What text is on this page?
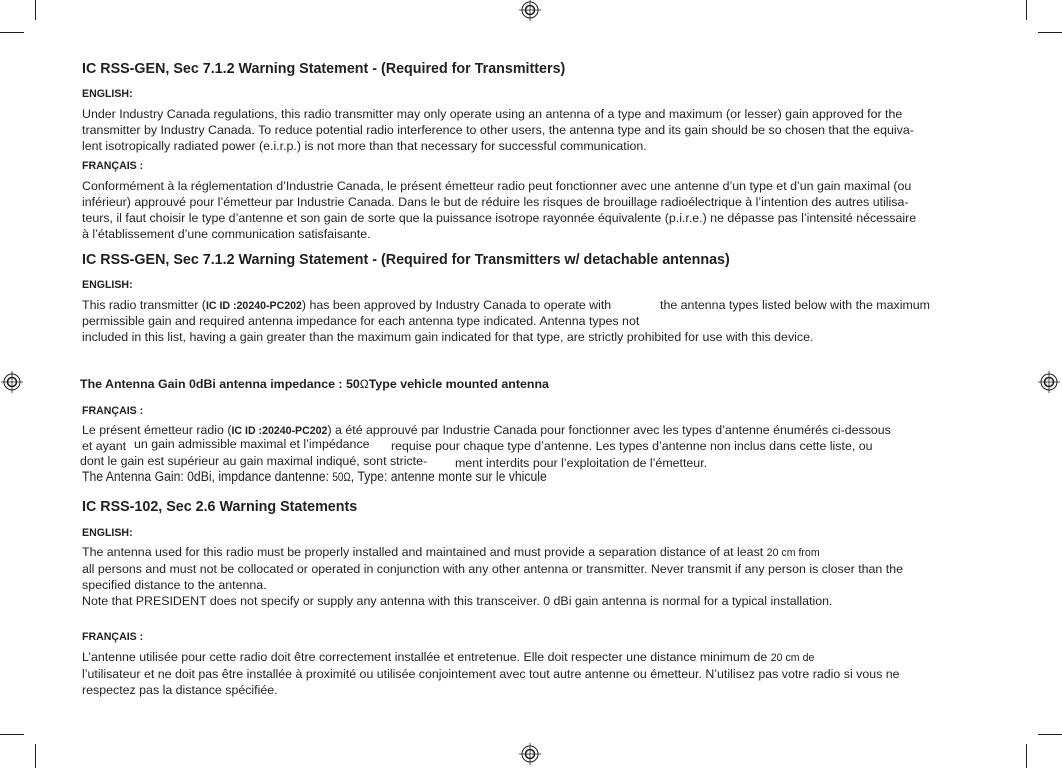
IC RSS-GEN, Sec 7.1.2 Warning Statement - (Required for Transmitters)
ENGLISH:
Under Industry Canada regulations, this radio transmitter may only operate using an antenna of a type and maximum (or lesser) gain approved for the
transmitter by Industry Canada. To reduce potential radio interference to other users, the antenna type and its gain should be so chosen that the equiva-
lent isotropically radiated power (e.i.r.p.) is not more than that necessary for successful communication.
FRANÇAIS :
Conformément à la réglementation d’Industrie Canada, le présent émetteur radio peut fonctionner avec une antenne d’un type et d’un gain maximal (ou
inférieur) approuvé pour l’émetteur par Industrie Canada. Dans le but de réduire les risques de brouillage radioélectrique à l’intention des autres utilisa-
teurs, il faut choisir le type d’antenne et son gain de sorte que la puissance isotrope rayonnée équivalente (p.i.r.e.) ne dépasse pas l’intensité nécessaire
à l’établissement d’une communication satisfaisante.
IC RSS-GEN, Sec 7.1.2 Warning Statement - (Required for Transmitters w/ detachable antennas)
ENGLISH:
This radio transmitter (IC ID :20240-PC202) has been approved by Industry Canada to operate with	the antenna types listed below with the maximum
permissible gain and required antenna impedance for each antenna type indicated. Antenna types not
included in this list, having a gain greater than the maximum gain indicated for that type, are strictly prohibited for use with this device.
The Antenna Gain 0dBi antenna impedance : 50ΩType vehicle mounted antenna
FRANÇAIS :
Le présent émetteur radio (IC ID :20240-PC202) a été approuvé par Industrie Canada pour fonctionner avec les types d’antenne énumérés ci-dessous
et ayant un gain admissible maximal et l’impédance requise pour chaque type d’antenne. Les types d’antenne non inclus dans cette liste, ou
dont le gain est supérieur au gain maximal indiqué, sont stricte- ment interdits pour l’exploitation de l’émetteur.
The Antenna Gain: 0dBi, impdance dantenne: 50Ω, Type: antenne monte sur le vhicule
IC RSS-102, Sec 2.6 Warning Statements
ENGLISH:
The antenna used for this radio must be properly installed and maintained and must provide a separation distance of at least 20 cm from
all persons and must not be collocated or operated in conjunction with any other antenna or transmitter. Never transmit if any person is closer than the
specified distance to the antenna.
Note that PRESIDENT does not specify or supply any antenna with this transceiver. 0 dBi gain antenna is normal for a typical installation.
FRANÇAIS :
L’antenne utilisée pour cette radio doit être correctement installée et entretenue. Elle doit respecter une distance minimum de 20 cm de
l’utilisateur et ne doit pas être installée à proximité ou utilisée conjointement avec tout autre antenne ou émetteur. N’utilisez pas votre radio si vous ne
respectez pas la distance spécifiée.
